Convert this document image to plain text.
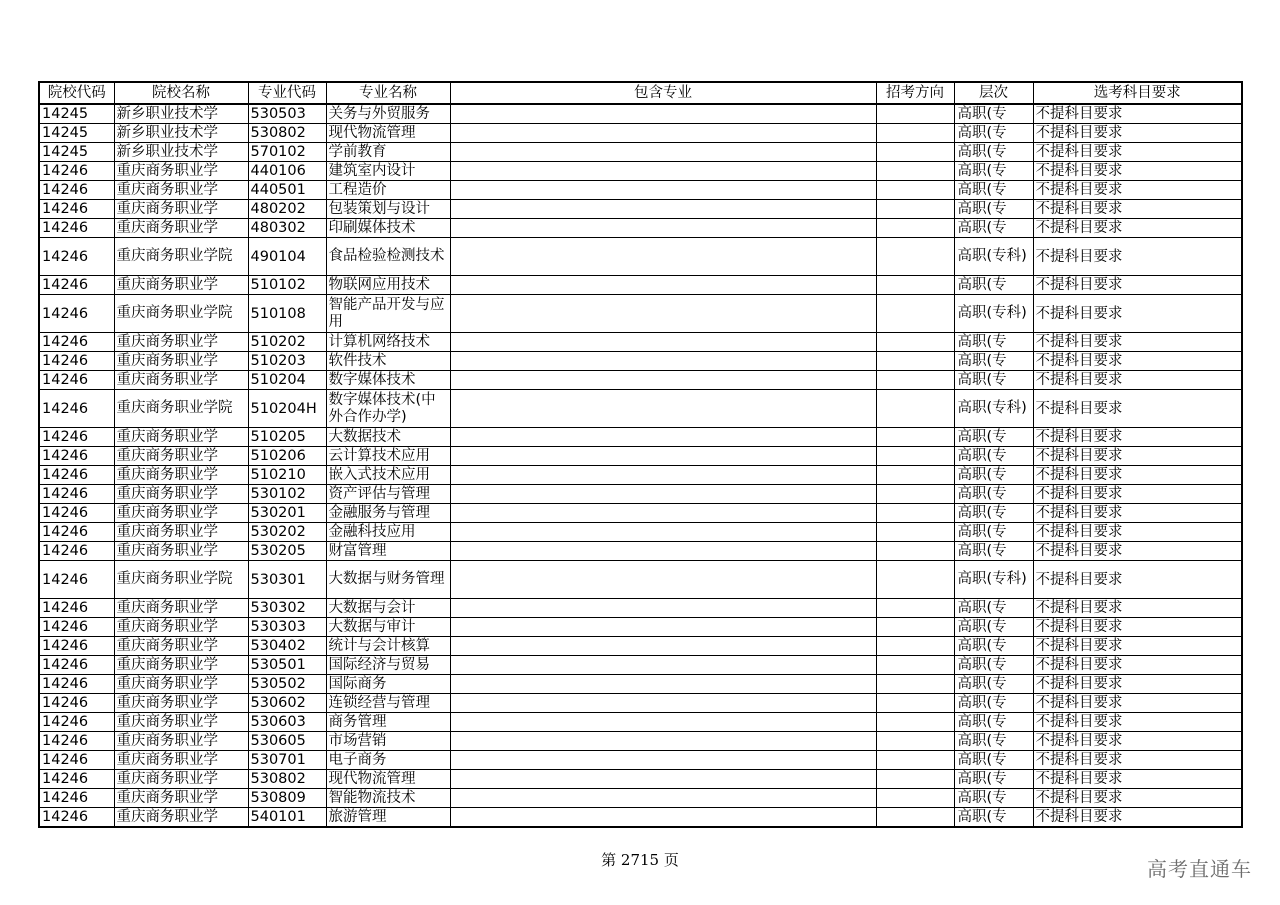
院校代码	院校名称	专业代码	专业名称	包含专业	招考方向	层次	选考科目要求
14245	新乡职业技术学	530503	关务与外贸服务			高职(专	不提科目要求
14245	新乡职业技术学	530802	现代物流管理			高职(专	不提科目要求
14245	新乡职业技术学	570102	学前教育			高职(专	不提科目要求
14246	重庆商务职业学	440106	建筑室内设计			高职(专	不提科目要求
14246	重庆商务职业学	440501	工程造价			高职(专	不提科目要求
14246	重庆商务职业学	480202	包装策划与设计			高职(专	不提科目要求
14246	重庆商务职业学	480302	印刷媒体技术			高职(专	不提科目要求
14246	重庆商务职业学院	490104	食品检验检测技术			高职(专科)	不提科目要求
14246	重庆商务职业学	510102	物联网应用技术			高职(专	不提科目要求
14246	重庆商务职业学院	510108	智能产品开发与应用			高职(专科)	不提科目要求
14246	重庆商务职业学	510202	计算机网络技术			高职(专	不提科目要求
14246	重庆商务职业学	510203	软件技术			高职(专	不提科目要求
14246	重庆商务职业学	510204	数字媒体技术			高职(专	不提科目要求
14246	重庆商务职业学院	510204H	数字媒体技术(中外合作办学)			高职(专科)	不提科目要求
14246	重庆商务职业学	510205	大数据技术			高职(专	不提科目要求
14246	重庆商务职业学	510206	云计算技术应用			高职(专	不提科目要求
14246	重庆商务职业学	510210	嵌入式技术应用			高职(专	不提科目要求
14246	重庆商务职业学	530102	资产评估与管理			高职(专	不提科目要求
14246	重庆商务职业学	530201	金融服务与管理			高职(专	不提科目要求
14246	重庆商务职业学	530202	金融科技应用			高职(专	不提科目要求
14246	重庆商务职业学	530205	财富管理			高职(专	不提科目要求
14246	重庆商务职业学院	530301	大数据与财务管理			高职(专科)	不提科目要求
14246	重庆商务职业学	530302	大数据与会计			高职(专	不提科目要求
14246	重庆商务职业学	530303	大数据与审计			高职(专	不提科目要求
14246	重庆商务职业学	530402	统计与会计核算			高职(专	不提科目要求
14246	重庆商务职业学	530501	国际经济与贸易			高职(专	不提科目要求
14246	重庆商务职业学	530502	国际商务			高职(专	不提科目要求
14246	重庆商务职业学	530602	连锁经营与管理			高职(专	不提科目要求
14246	重庆商务职业学	530603	商务管理			高职(专	不提科目要求
14246	重庆商务职业学	530605	市场营销			高职(专	不提科目要求
14246	重庆商务职业学	530701	电子商务			高职(专	不提科目要求
14246	重庆商务职业学	530802	现代物流管理			高职(专	不提科目要求
14246	重庆商务职业学	530809	智能物流技术			高职(专	不提科目要求
14246	重庆商务职业学	540101	旅游管理			高职(专	不提科目要求
第 2715 页	高考直通车
